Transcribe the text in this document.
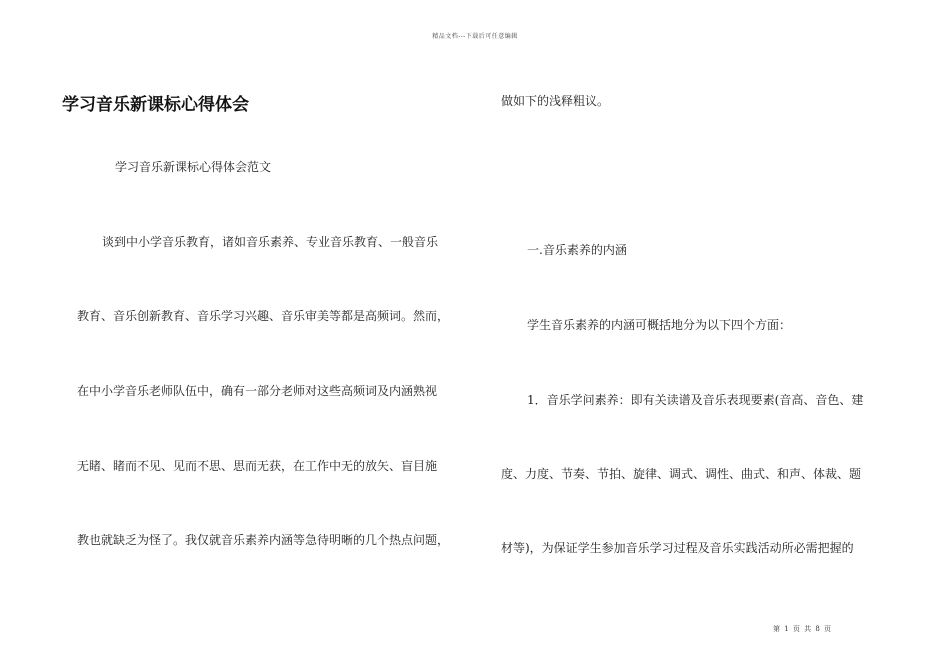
精品文档---下载后可任意编辑
学习音乐新课标心得体会
学习音乐新课标心得体会范文
谈到中小学音乐教育，诸如音乐素养、专业音乐教育、一般音乐
教育、音乐创新教育、音乐学习兴趣、音乐审美等都是高频词。然而，
在中小学音乐老师队伍中，确有一部分老师对这些高频词及内涵熟视
无睹、睹而不见、见而不思、思而无获，在工作中无的放矢、盲目施
教也就缺乏为怪了。我仅就音乐素养内涵等急待明晰的几个热点问题，
做如下的浅释粗议。
一.音乐素养的内涵
学生音乐素养的内涵可概括地分为以下四个方面：
1．音乐学问素养：即有关读谱及音乐表现要素(音高、音色、建
度、力度、节奏、节拍、旋律、调式、调性、曲式、和声、体裁、题
材等)，为保证学生参加音乐学习过程及音乐实践活动所必需把握的
第 1 页 共 8 页
